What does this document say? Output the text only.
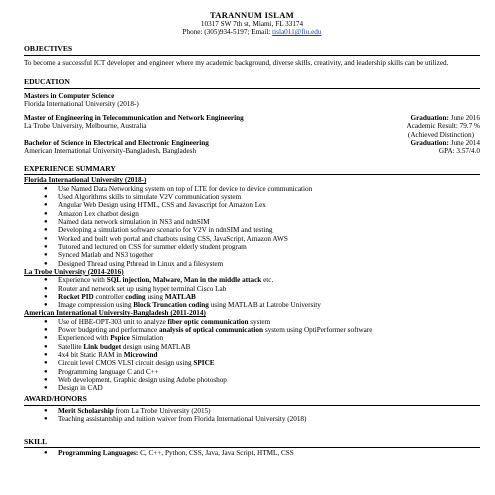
TARANNUM ISLAM
10317 SW 7th st, Miami, FL 33174
Phone: (305)934-5197; Email: tisla011@fiu.edu
OBJECTIVES
To become a successful ICT developer and engineer where my academic background, diverse skills, creativity, and leadership skills can be utilized.
EDUCATION
Masters in Computer Science
Florida International University (2018-)
Master of Engineering in Telecommunication and Network Engineering	Graduation: June 2016
La Trobe University, Melbourne, Australia	Academic Result: 79.7 %
(Achieved Distinction)
Bachelor of Science in Electrical and Electronic Engineering	Graduation: June 2014
American International University-Bangladesh, Bangladesh	GPA: 3.57/4.0
EXPERIENCE SUMMARY
Florida International University (2018-)
● Use Named Data Networking system on top of LTE for device to device communication
● Used Algorithms skills to simulate V2V communication system
● Angular Web Design using HTML, CSS and Javascript for Amazon Lex
● Amazon Lex chatbot design
● Named data network simulation in NS3 and ndnSIM
● Developing a simulation software scenario for V2V in ndnSIM and testing
● Worked and built web portal and chatbots using CSS, JavaScript, Amazon AWS
● Tutored and lectured on CSS for summer elderly student program
● Synced Matlab and NS3 together
● Designed Thread using Pthread in Linux and a filesystem
La Trobe University (2014-2016)
● Experience with SQL injection, Malware, Man in the middle attack etc.
● Router and network set up using hyper terminal Cisco Lab
● Rocket PID controller coding using MATLAB
● Image compression using Block Truncation coding using MATLAB at Latrobe University
American International University-Bangladesh (2011-2014)
● Use of HBE-OPT-303 unit to analyze fiber optic communication system
● Power budgeting and performance analysis of optical communication system using OptiPerformer software
● Experienced with Pspice Simulation
● Satellite Link budget design using MATLAB
● 4x4 bit Static RAM in Microwind
● Circuit level CMOS VLSI circuit design using SPICE
● Programming language C and C++
● Web development, Graphic design using Adobe photoshop
● Design in CAD
AWARD/HONORS
● Merit Scholarship from La Trobe University (2015)
● Teaching assistantship and tuition waiver from Florida International University (2018)
SKILL
● Programming Languages: C, C++, Python, CSS, Java, Java Script, HTML, CSS
